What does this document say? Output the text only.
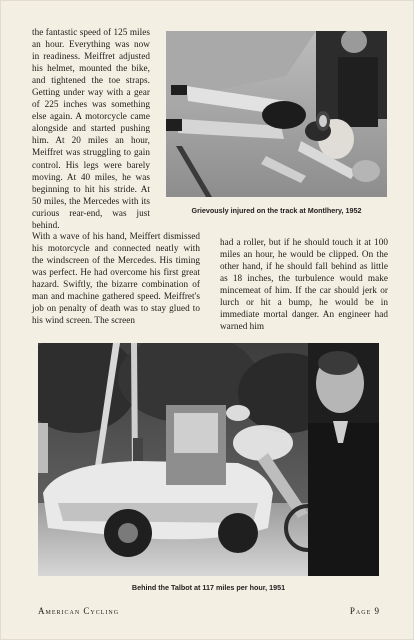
the fantastic speed of 125 miles an hour. Everything was now in readiness. Meiffret adjusted his helmet, mounted the bike, and tightened the toe straps. Getting under way with a gear of 225 inches was something else again. A motorcycle came alongside and started pushing him. At 20 miles an hour, Meiffret was struggling to gain control. His legs were barely moving. At 40 miles, he was beginning to hit his stride. At 50 miles, the Mercedes with its curious rear-end, was just behind.
Grievously injured on the track at Montlhery, 1952
With a wave of his hand, Meiffert dismissed his motorcycle and connected neatly with the windscreen of the Mercedes. His timing was perfect. He had overcome his first great hazard. Swiftly, the bizarre combination of man and machine gathered speed. Meiffret's job on penalty of death was to stay glued to his wind screen. The screen
had a roller, but if he should touch it at 100 miles an hour, he would be clipped. On the other hand, if he should fall behind as little as 18 inches, the turbulence would make mincemeat of him. If the car should jerk or lurch or hit a bump, he would be in immediate mortal danger. An engineer had warned him
Behind the Talbot at 117 miles per hour, 1951
American Cycling	Page 9
